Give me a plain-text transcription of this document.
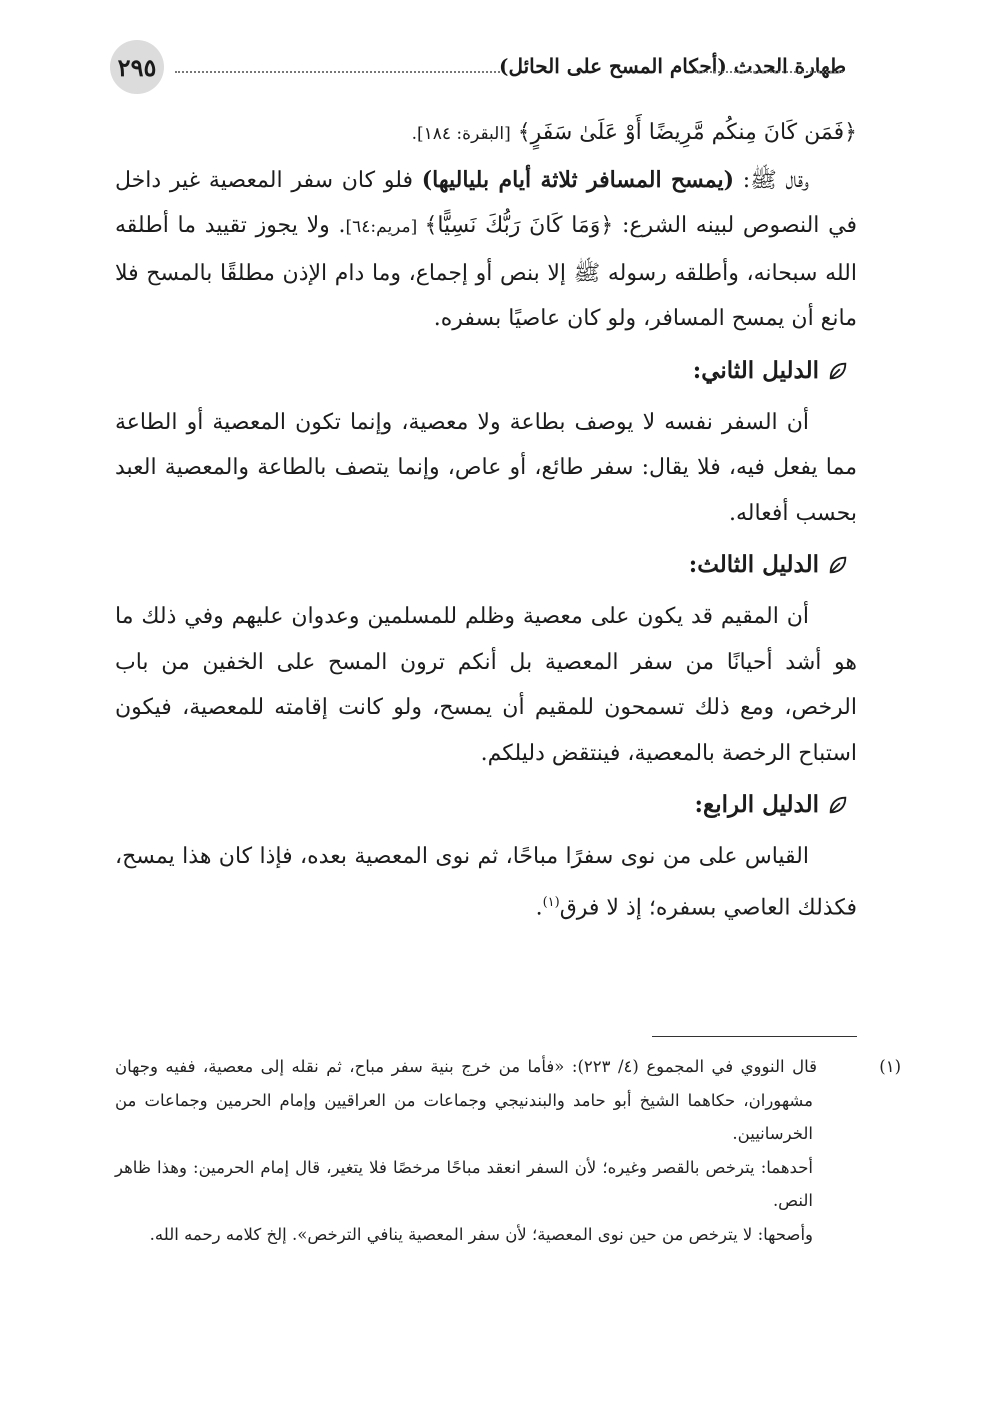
طهارة الحدث (أحكام المسح على الحائل)
٢٩٥

﴿فَمَن كَانَ مِنكُم مَّرِيضًا أَوْ عَلَىٰ سَفَرٍ﴾ [البقرة: ١٨٤].

وقال ﷺ: (يمسح المسافر ثلاثة أيام بلياليها) فلو كان سفر المعصية غير داخل في النصوص لبينه الشرع: ﴿وَمَا كَانَ رَبُّكَ نَسِيًّا﴾ [مريم:٦٤]. ولا يجوز تقييد ما أطلقه الله سبحانه، وأطلقه رسوله ﷺ إلا بنص أو إجماع، وما دام الإذن مطلقًا بالمسح فلا مانع أن يمسح المسافر، ولو كان عاصيًا بسفره.

الدليل الثاني:

أن السفر نفسه لا يوصف بطاعة ولا معصية، وإنما تكون المعصية أو الطاعة مما يفعل فيه، فلا يقال: سفر طائع، أو عاص، وإنما يتصف بالطاعة والمعصية العبد بحسب أفعاله.

الدليل الثالث:

أن المقيم قد يكون على معصية وظلم للمسلمين وعدوان عليهم وفي ذلك ما هو أشد أحيانًا من سفر المعصية بل أنكم ترون المسح على الخفين من باب الرخص، ومع ذلك تسمحون للمقيم أن يمسح، ولو كانت إقامته للمعصية، فيكون استباح الرخصة بالمعصية، فينتقض دليلكم.

الدليل الرابع:

القياس على من نوى سفرًا مباحًا، ثم نوى المعصية بعده، فإذا كان هذا يمسح، فكذلك العاصي بسفره؛ إذ لا فرق$^{(١)}$.

(١)قال النووي في المجموع (٤/ ٢٢٣): «فأما من خرج بنية سفر مباح، ثم نقله إلى معصية، ففيه وجهان مشهوران، حكاهما الشيخ أبو حامد والبندنيجي وجماعات من العراقيين وإمام الحرمين وجماعات من الخرسانيين.

أحدهما: يترخص بالقصر وغيره؛ لأن السفر انعقد مباحًا مرخصًا فلا يتغير، قال إمام الحرمين: وهذا ظاهر النص.

وأصحها: لا يترخص من حين نوى المعصية؛ لأن سفر المعصية ينافي الترخص». إلخ كلامه رحمه الله.
